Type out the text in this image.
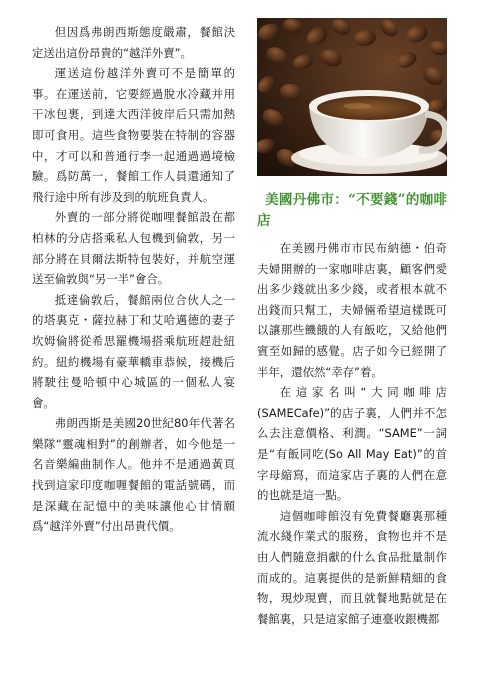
但因爲弗朗西斯態度嚴肅，餐館決定送出這份昂貴的“越洋外賣”。

運送這份越洋外賣可不是簡單的事。在運送前，它要經過脫水冷藏并用干冰包裹，到達大西洋彼岸后只需加熱即可食用。這些食物要裝在特制的容器中，才可以和普通行李一起通過過境檢驗。爲防萬一，餐館工作人員還通知了飛行途中所有涉及到的航班負責人。

外賣的一部分將從咖哩餐館設在都柏林的分店搭乘私人包機到倫敦，另一部分將在貝爾法斯特包裝好，并航空運送至倫敦與“另一半”會合。

抵達倫敦后，餐館兩位合伙人之一的塔裏克・薩拉赫丁和艾哈邁德的妻子坎姆倫將從希思羅機場搭乘航班趕赴紐約。紐約機場有豪華轎車恭候，接機后將駛往曼哈頓中心城區的一個私人宴會。

弗朗西斯是美國20世紀80年代著名樂隊“靈魂相對”的創辦者，如今他是一名音樂編曲制作人。他并不是通過黃頁找到這家印度咖喱餐館的電話號碼，而是深藏在記憶中的美味讓他心甘情願爲“越洋外賣”付出昂貴代價。

美國丹佛市：“不要錢”的咖啡店

在美國丹佛市市民布納德・伯奇夫婦開辦的一家咖啡店裏，顧客們愛出多少錢就出多少錢，或者根本就不出錢而只幫工，夫婦倆希望這樣既可以讓那些饑餓的人有飯吃，又給他們賓至如歸的感覺。店子如今已經開了半年，還依然“幸存”着。

在這家名叫“大同咖啡店(SAMECafe)”的店子裏，人們并不怎么去注意價格、利潤。“SAME”一詞是“有飯同吃(So All May Eat)”的首字母縮寫，而這家店子裏的人們在意的也就是這一點。

這個咖啡館沒有免費餐廳裏那種流水綫作業式的服務，食物也并不是由人們隨意捐獻的什么食品批量制作而成的。這裏提供的是新鮮精細的食物，現炒現賣，而且就餐地點就是在餐館裏，只是這家館子連臺收銀機都
